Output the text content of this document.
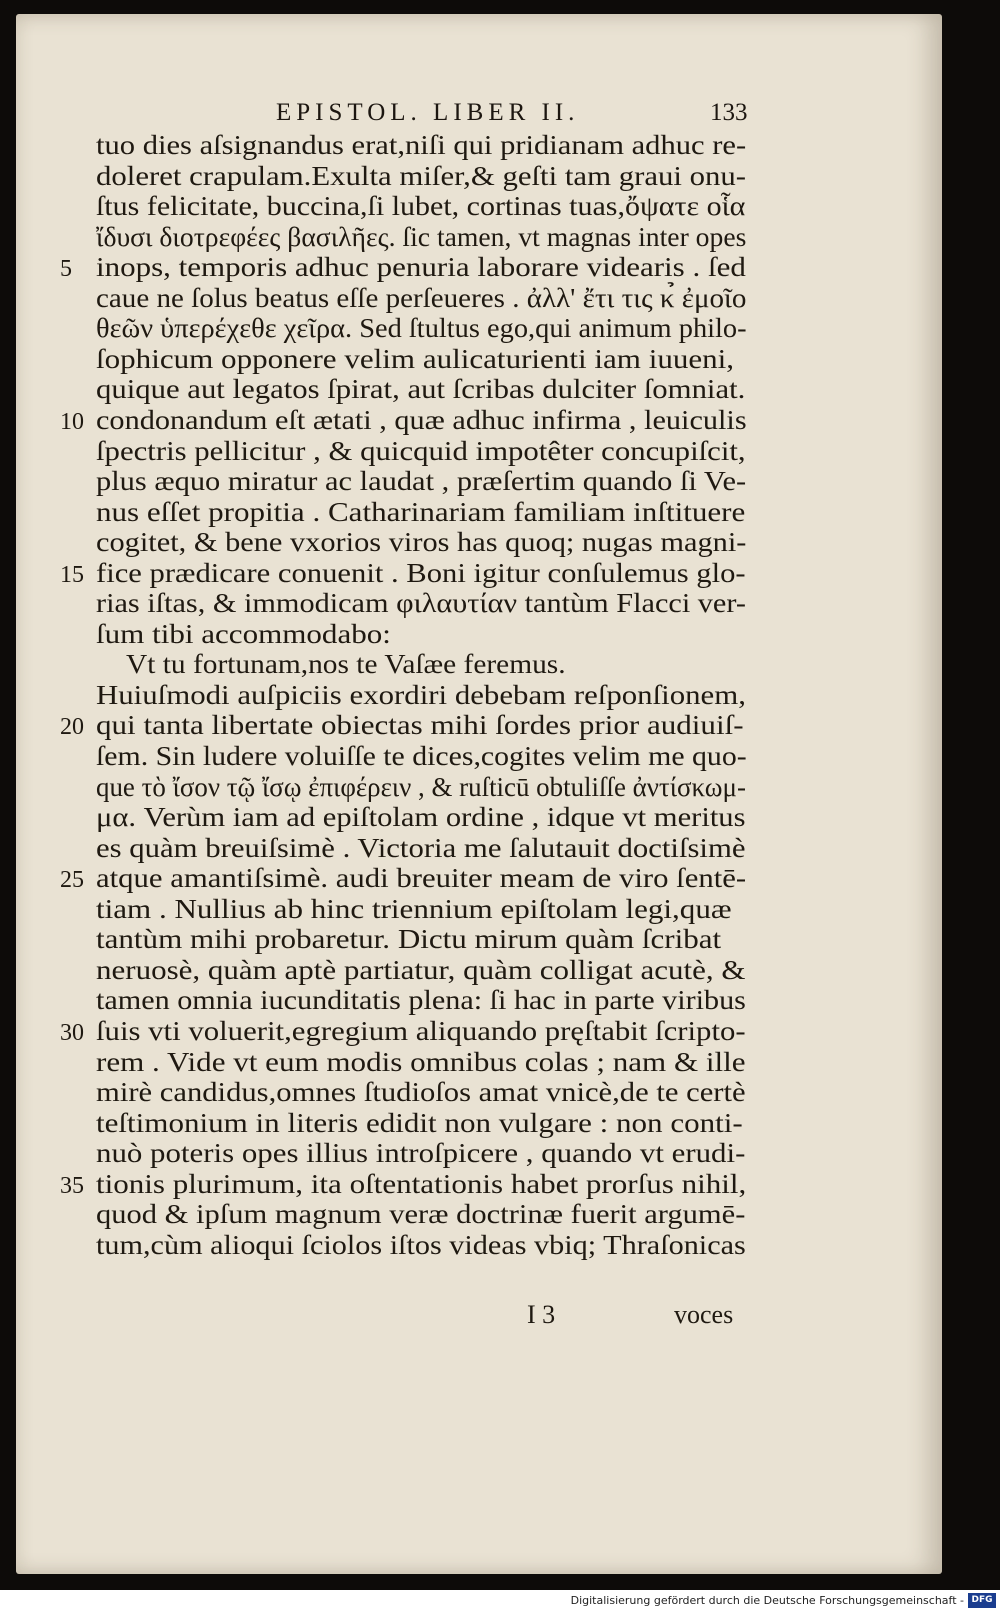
EPISTOL. LIBER II.	133
tuo dies aſsignandus erat,niſi qui pridianam adhuc re-
doleret crapulam.Exulta miſer,& geſti tam graui onu-
ſtus felicitate, buccina,ſi lubet, cortinas tuas,ὄψατε οἷα
ἴδυσι διοτρεφέες βασιλῆες. ſic tamen, vt magnas inter opes
inops, temporis adhuc penuria laborare videaris . ſed
caue ne ſolus beatus eſſe perſeueres . ἀλλ' ἔτι τις κ̉ ἐμοῖο
θεῶν ὑπερέχεθε χεῖρα. Sed ſtultus ego,qui animum philo-
ſophicum opponere velim aulicaturienti iam iuueni,
quique aut legatos ſpirat, aut ſcribas dulciter ſomniat.
condonandum eſt ætati , quæ adhuc infirma , leuiculis
ſpectris pellicitur , & quicquid impotêter concupiſcit,
plus æquo miratur ac laudat , præſertim quando ſi Ve-
nus eſſet propitia . Catharinariam familiam inſtituere
cogitet, & bene vxorios viros has quoq; nugas magni-
fice prædicare conuenit . Boni igitur conſulemus glo-
rias iſtas, & immodicam φιλαυτίαν tantùm Flacci ver-
ſum tibi accommodabo:
Vt tu fortunam,nos te Vaſæe feremus.
Huiuſmodi auſpiciis exordiri debebam reſponſionem,
qui tanta libertate obiectas mihi ſordes prior audiuiſ-
ſem. Sin ludere voluiſſe te dices,cogites velim me quo-
que τὸ ἴσον τῷ ἴσῳ ἐπιφέρειν , & ruſticū obtuliſſe ἀντίσκωμ-
μα. Verùm iam ad epiſtolam ordine , idque vt meritus
es quàm breuiſsimè . Victoria me ſalutauit doctiſsimè
atque amantiſsimè. audi breuiter meam de viro ſentē-
tiam . Nullius ab hinc triennium epiſtolam legi,quæ
tantùm mihi probaretur. Dictu mirum quàm ſcribat
neruosè, quàm aptè partiatur, quàm colligat acutè, &
tamen omnia iucunditatis plena: ſi hac in parte viribus
ſuis vti voluerit,egregium aliquando pręſtabit ſcripto-
rem . Vide vt eum modis omnibus colas ; nam & ille
mirè candidus,omnes ſtudioſos amat vnicè,de te certè
teſtimonium in literis edidit non vulgare : non conti-
nuò poteris opes illius introſpicere , quando vt erudi-
tionis plurimum, ita oſtentationis habet prorſus nihil,
quod & ipſum magnum veræ doctrinæ fuerit argumē-
tum,cùm alioqui ſciolos iſtos videas vbiq; Thraſonicas
5
10
15
20
25
30
35
I 3	voces
Digitalisierung gefördert durch die Deutsche Forschungsgemeinschaft - DFG
